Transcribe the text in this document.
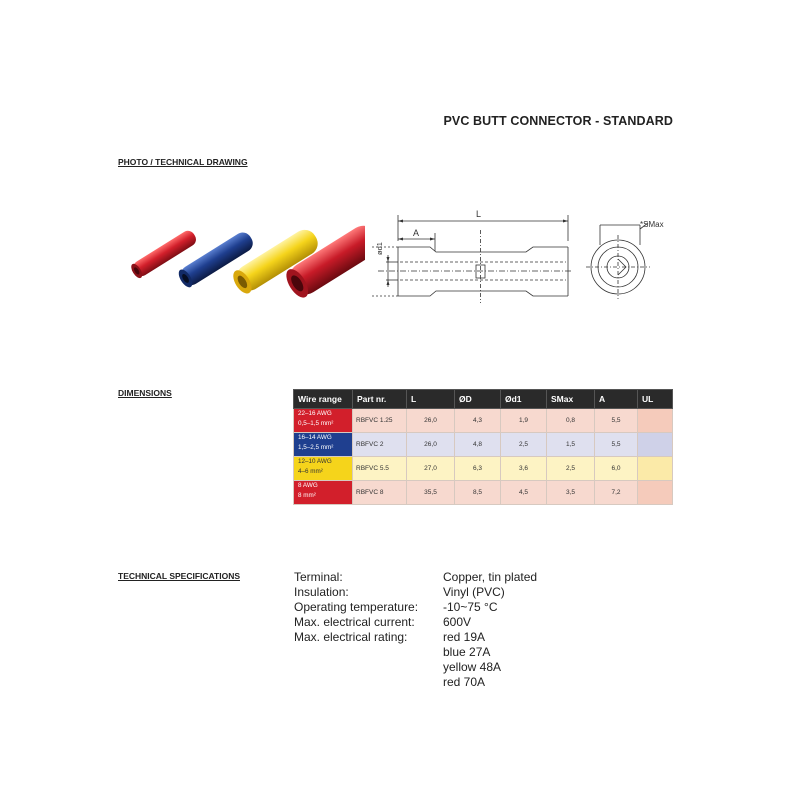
PVC BUTT CONNECTOR - STANDARD
PHOTO / TECHNICAL DRAWING
L
A
ød1
*SMax
DIMENSIONS
Wire range	Part nr.	L	ØD	Ød1	SMax	A	UL

22–16 AWG
0,5–1,5 mm²	RBFVC 1.25	26,0	4,3	1,9	0,8	5,5	

16–14 AWG
1,5–2,5 mm²	RBFVC 2	26,0	4,8	2,5	1,5	5,5	

12–10 AWG
4–6 mm²	RBFVC 5.5	27,0	6,3	3,6	2,5	6,0	

8 AWG
8 mm²	RBFVC 8	35,5	8,5	4,5	3,5	7,2	
TECHNICAL SPECIFICATIONS	Terminal:	Copper, tin plated
Insulation:	Vinyl (PVC)
Operating temperature:	-10~75 °C
Max. electrical current:	600V
Max. electrical rating:	red 19A
blue 27A
yellow 48A
red 70A
